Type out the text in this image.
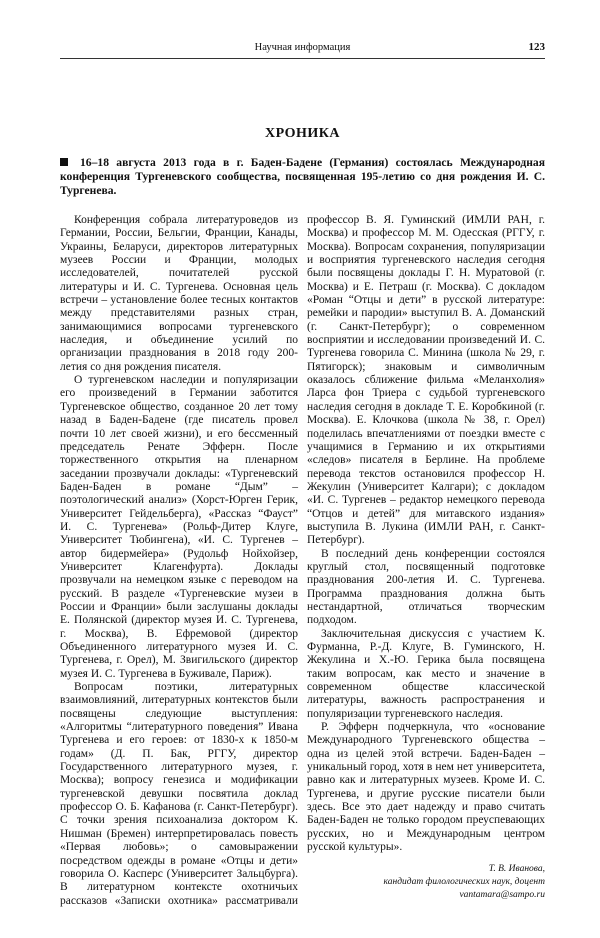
Научная информация	123
ХРОНИКА
16–18 августа 2013 года в г. Баден-Бадене (Германия) состоялась Международная конференция Тургеневского сообщества, посвященная 195-летию со дня рождения И. С. Тургенева.

Конференция собрала литературоведов из Германии, России, Бельгии, Франции, Канады, Украины, Беларуси, директоров литературных музеев России и Франции, молодых исследователей, почитателей русской литературы и И. С. Тургенева. Основная цель встречи – установление более тесных контактов между представителями разных стран, занимающимися вопросами тургеневского наследия, и объединение усилий по организации празднования в 2018 году 200-летия со дня рождения писателя.

О тургеневском наследии и популяризации его произведений в Германии заботится Тургеневское общество, созданное 20 лет тому назад в Баден-Бадене (где писатель провел почти 10 лет своей жизни), и его бессменный председатель Ренате Эфферн. После торжественного открытия на пленарном заседании прозвучали доклады: «Тургеневский Баден-Баден в романе “Дым” – поэтологический анализ» (Хорст-Юрген Герик, Университет Гейдельберга), «Рассказ “Фауст” И. С. Тургенева» (Рольф-Дитер Клуге, Университет Тюбингена), «И. С. Тургенев – автор бидермейера» (Рудольф Нойхойзер, Университет Клагенфурта). Доклады прозвучали на немецком языке с переводом на русский. В разделе «Тургеневские музеи в России и Франции» были заслушаны доклады Е. Полянской (директор музея И. С. Тургенева, г. Москва), В. Ефремовой (директор Объединенного литературного музея И. С. Тургенева, г. Орел), М. Звигильского (директор музея И. С. Тургенева в Буживале, Париж).

Вопросам поэтики, литературных взаимовлияний, литературных контекстов были посвящены следующие выступления: «Алгоритмы “литературного поведения” Ивана Тургенева и его героев: от 1830-х к 1850-м годам» (Д. П. Бак, РГГУ, директор Государственного литературного музея, г. Москва); вопросу генезиса и модификации тургеневской девушки посвятила доклад профессор О. Б. Кафанова (г. Санкт-Петербург). С точки зрения психоанализа доктором К. Нишман (Бремен) интерпретировалась повесть «Первая любовь»; о самовыражении посредством одежды в романе «Отцы и дети» говорила О. Касперс (Университет Зальцбурга). В литературном контексте охотничьих рассказов «Записки охотника» рассматривали

профессор В. Я. Гуминский (ИМЛИ РАН, г. Москва) и профессор М. М. Одесская (РГГУ, г. Москва). Вопросам сохранения, популяризации и восприятия тургеневского наследия сегодня были посвящены доклады Г. Н. Муратовой (г. Москва) и Е. Петраш (г. Москва). С докладом «Роман “Отцы и дети” в русской литературе: ремейки и пародии» выступил В. А. Доманский (г. Санкт-Петербург); о современном восприятии и исследовании произведений И. С. Тургенева говорила С. Минина (школа № 29, г. Пятигорск); знаковым и символичным оказалось сближение фильма «Меланхолия» Ларса фон Триера с судьбой тургеневского наследия сегодня в докладе Т. Е. Коробкиной (г. Москва). Е. Клочкова (школа № 38, г. Орел) поделилась впечатлениями от поездки вместе с учащимися в Германию и их открытиями «следов» писателя в Берлине. На проблеме перевода текстов остановился профессор Н. Жекулин (Университет Калгари); с докладом «И. С. Тургенев – редактор немецкого перевода “Отцов и детей” для митавского издания» выступила В. Лукина (ИМЛИ РАН, г. Санкт-Петербург).

В последний день конференции состоялся круглый стол, посвященный подготовке празднования 200-летия И. С. Тургенева. Программа празднования должна быть нестандартной, отличаться творческим подходом.

Заключительная дискуссия с участием К. Фурманна, Р.-Д. Клуге, В. Гуминского, Н. Жекулина и Х.-Ю. Герика была посвящена таким вопросам, как место и значение в современном обществе классической литературы, важность распространения и популяризации тургеневского наследия.

Р. Эфферн подчеркнула, что «основание Международного Тургеневского общества – одна из целей этой встречи. Баден-Баден – уникальный город, хотя в нем нет университета, равно как и литературных музеев. Кроме И. С. Тургенева, и другие русские писатели были здесь. Все это дает надежду и право считать Баден-Баден не только городом преуспевающих русских, но и Международным центром русской культуры».

Т. В. Иванова,
кандидат филологических наук, доцент
vantamara@sampo.ru
